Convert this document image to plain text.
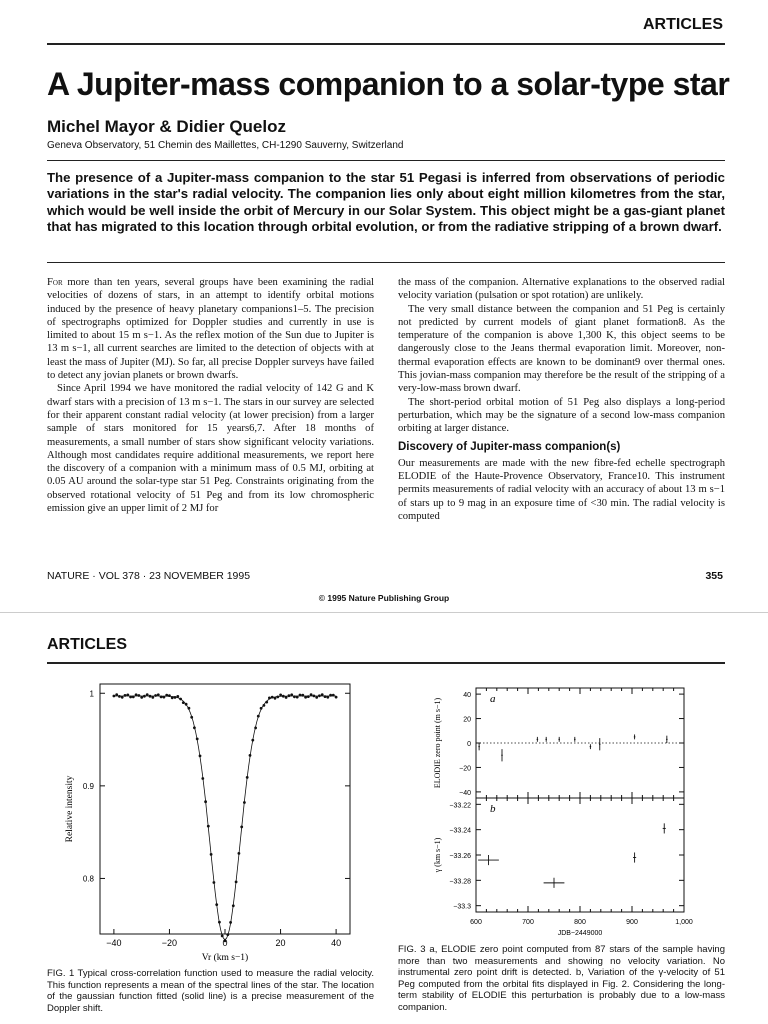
ARTICLES
A Jupiter-mass companion to a solar-type star
Michel Mayor & Didier Queloz
Geneva Observatory, 51 Chemin des Maillettes, CH-1290 Sauverny, Switzerland
The presence of a Jupiter-mass companion to the star 51 Pegasi is inferred from observations of periodic variations in the star's radial velocity. The companion lies only about eight million kilometres from the star, which would be well inside the orbit of Mercury in our Solar System. This object might be a gas-giant planet that has migrated to this location through orbital evolution, or from the radiative stripping of a brown dwarf.

For more than ten years, several groups have been examining the radial velocities of dozens of stars, in an attempt to identify orbital motions induced by the presence of heavy planetary companions1–5. The precision of spectrographs optimized for Doppler studies and currently in use is limited to about 15 m s−1. As the reflex motion of the Sun due to Jupiter is 13 m s−1, all current searches are limited to the detection of objects with at least the mass of Jupiter (MJ). So far, all precise Doppler surveys have failed to detect any jovian planets or brown dwarfs.

Since April 1994 we have monitored the radial velocity of 142 G and K dwarf stars with a precision of 13 m s−1. The stars in our survey are selected for their apparent constant radial velocity (at lower precision) from a larger sample of stars monitored for 15 years6,7. After 18 months of measurements, a small number of stars show significant velocity variations. Although most candidates require additional measurements, we report here the discovery of a companion with a minimum mass of 0.5 MJ, orbiting at 0.05 AU around the solar-type star 51 Peg. Constraints originating from the observed rotational velocity of 51 Peg and from its low chromospheric emission give an upper limit of 2 MJ for

the mass of the companion. Alternative explanations to the observed radial velocity variation (pulsation or spot rotation) are unlikely.

The very small distance between the companion and 51 Peg is certainly not predicted by current models of giant planet formation8. As the temperature of the companion is above 1,300 K, this object seems to be dangerously close to the Jeans thermal evaporation limit. Moreover, non-thermal evaporation effects are known to be dominant9 over thermal ones. This jovian-mass companion may therefore be the result of the stripping of a very-low-mass brown dwarf.

The short-period orbital motion of 51 Peg also displays a long-period perturbation, which may be the signature of a second low-mass companion orbiting at larger distance.

Discovery of Jupiter-mass companion(s)

Our measurements are made with the new fibre-fed echelle spectrograph ELODIE of the Haute-Provence Observatory, France10. This instrument permits measurements of radial velocity with an accuracy of about 13 m s−1 of stars up to 9 mag in an exposure time of <30 min. The radial velocity is computed

NATURE · VOL 378 · 23 NOVEMBER 1995	355
© 1995 Nature Publishing Group
ARTICLES
−40	−20	0	20	40
0.8
0.9
1
Vr (km s−1)
Relative intensity
FIG. 1 Typical cross-correlation function used to measure the radial velocity. This function represents a mean of the spectral lines of the star. The location of the gaussian function fitted (solid line) is a precise measurement of the Doppler shift.
a
40
20
0
−20
−40
ELODIE zero point (m s−1)
b
−33.22
−33.24
−33.26
−33.28
−33.3
γ (km s−1)
600	700	800	900	1,000
JDB−2449000
FIG. 3 a, ELODIE zero point computed from 87 stars of the sample having more than two measurements and showing no velocity variation. No instrumental zero point drift is detected. b, Variation of the γ-velocity of 51 Peg computed from the orbital fits displayed in Fig. 2. Considering the long-term stability of ELODIE this perturbation is probably due to a low-mass companion.
